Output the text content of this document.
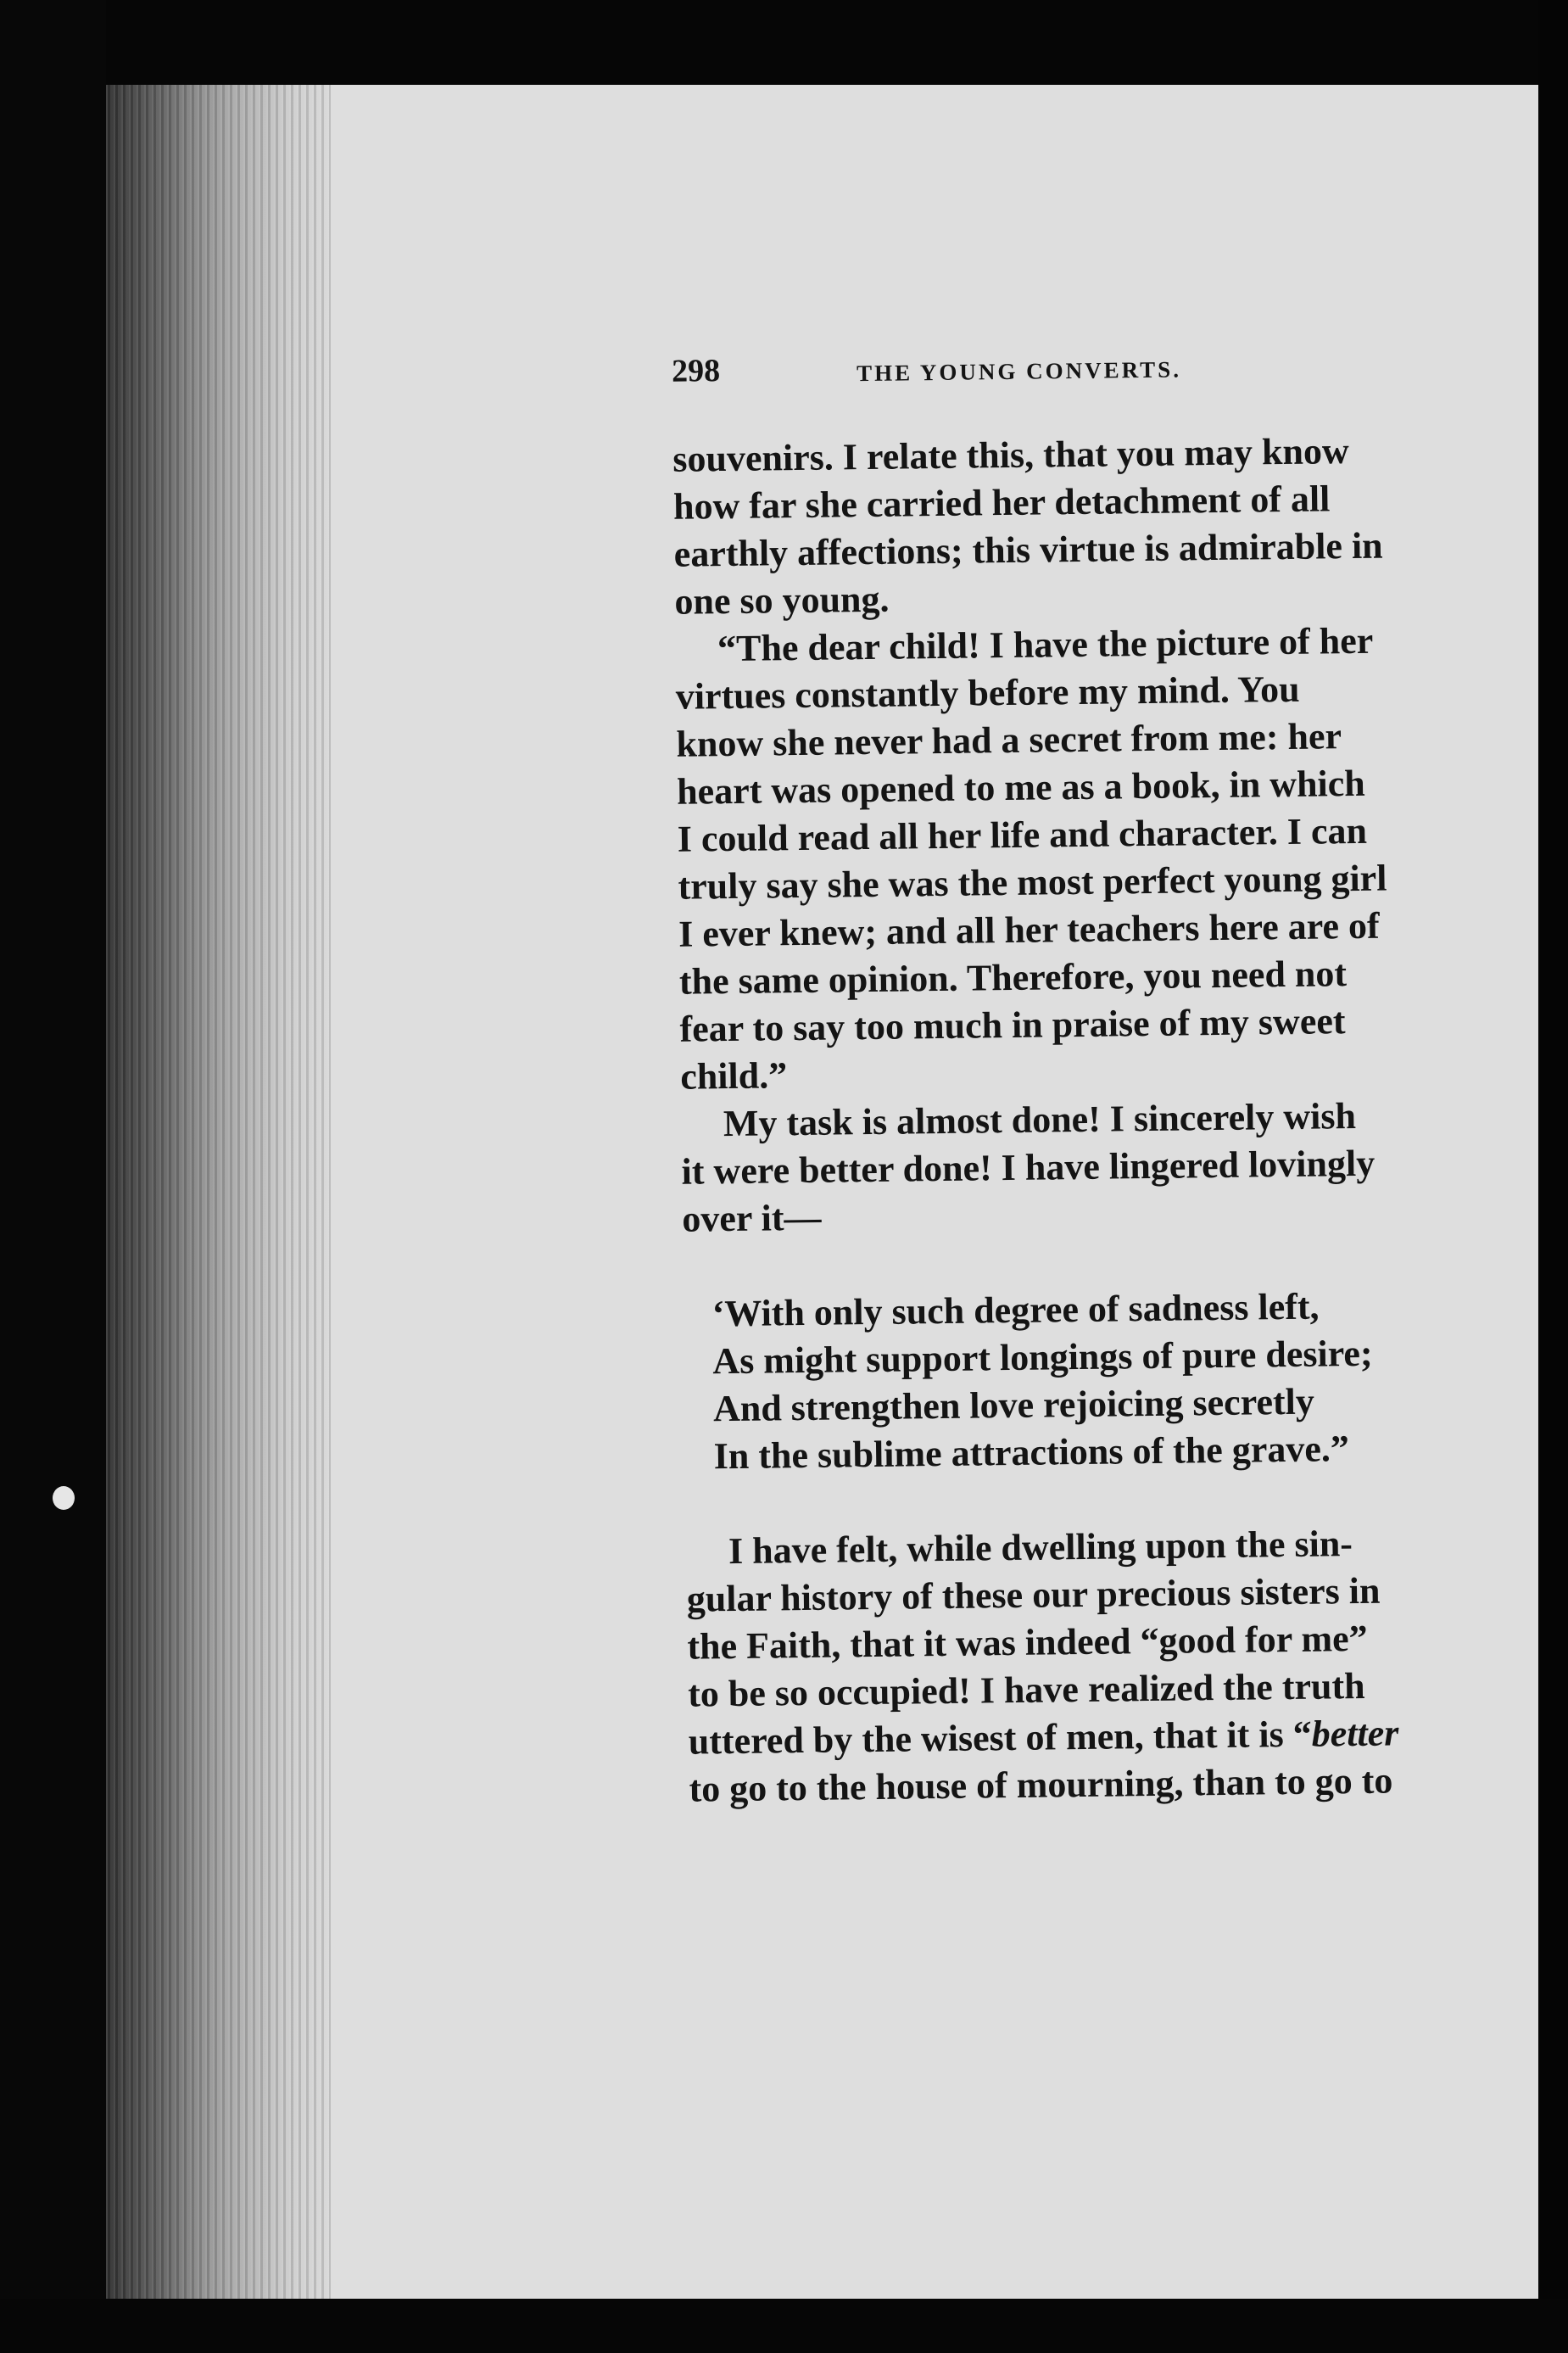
298	THE YOUNG CONVERTS.
souvenirs. I relate this, that you may know
how far she carried her detachment of all
earthly affections; this virtue is admirable in
one so young.
“The dear child! I have the picture of her
virtues constantly before my mind. You
know she never had a secret from me: her
heart was opened to me as a book, in which
I could read all her life and character. I can
truly say she was the most perfect young girl
I ever knew; and all her teachers here are of
the same opinion. Therefore, you need not
fear to say too much in praise of my sweet
child.”
My task is almost done! I sincerely wish
it were better done! I have lingered lovingly
over it—
‘With only such degree of sadness left,
As might support longings of pure desire;
And strengthen love rejoicing secretly
In the sublime attractions of the grave.”
I have felt, while dwelling upon the sin-
gular history of these our precious sisters in
the Faith, that it was indeed “good for me”
to be so occupied! I have realized the truth
uttered by the wisest of men, that it is “better
to go to the house of mourning, than to go to
